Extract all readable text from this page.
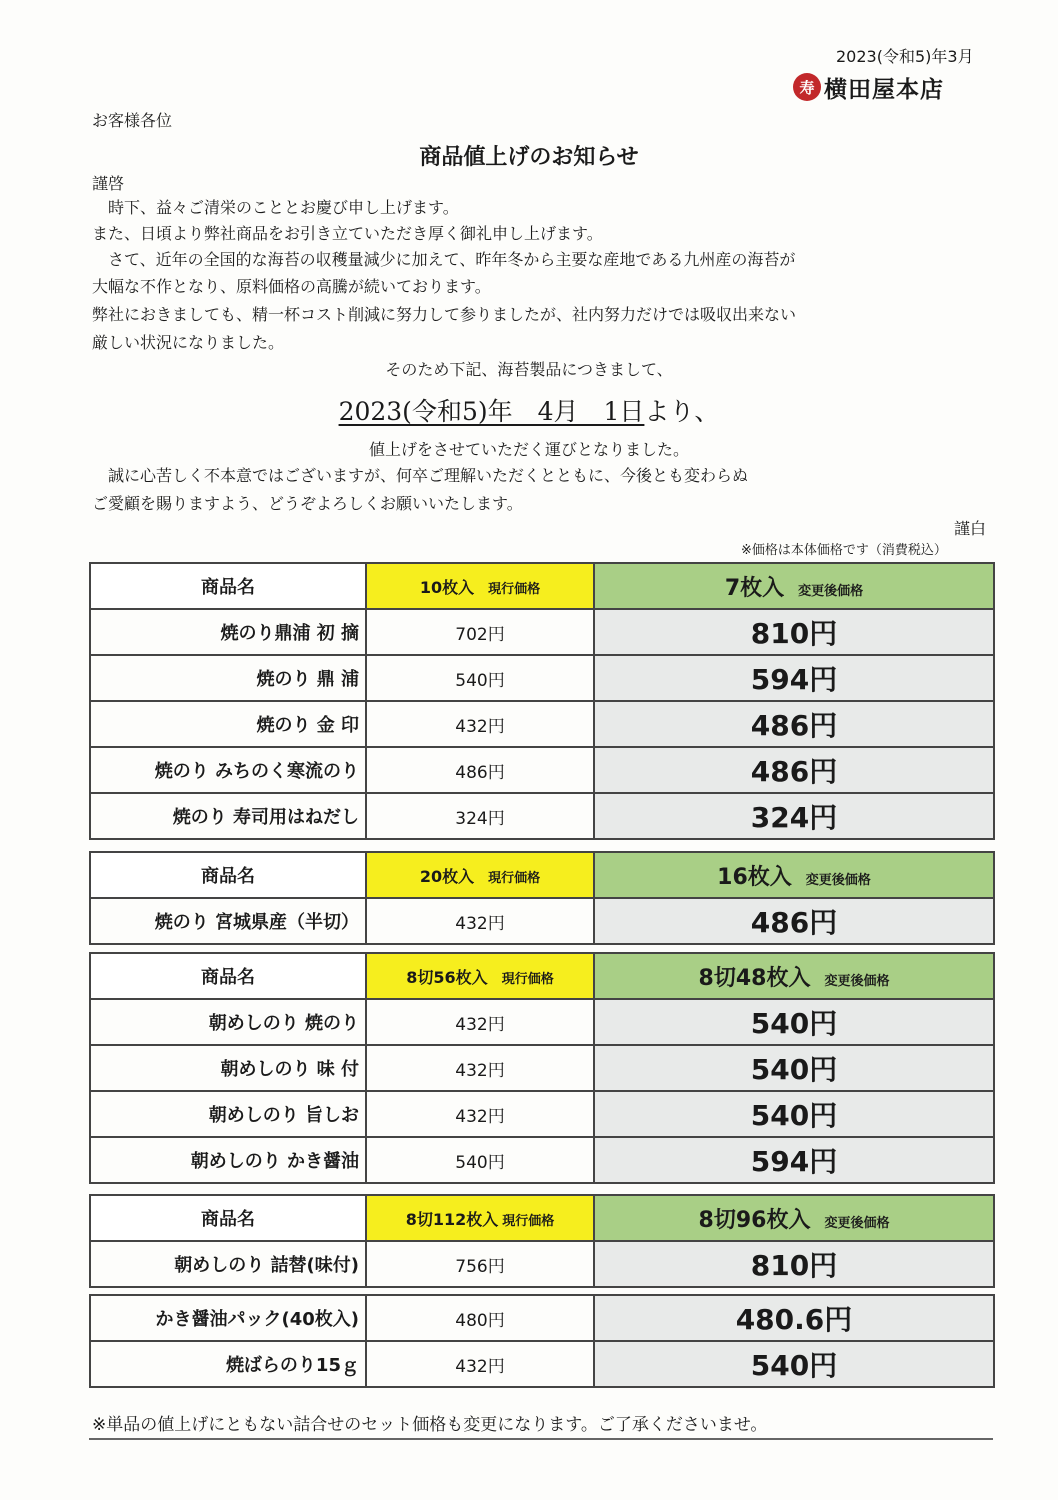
2023(令和5)年3月
寿 横田屋本店
お客様各位
商品値上げのお知らせ
謹啓
　時下、益々ご清栄のこととお慶び申し上げます。
また、日頃より弊社商品をお引き立ていただき厚く御礼申し上げます。
　さて、近年の全国的な海苔の収穫量減少に加えて、昨年冬から主要な産地である九州産の海苔が
大幅な不作となり、原料価格の高騰が続いております。
弊社におきましても、精一杯コスト削減に努力して参りましたが、社内努力だけでは吸収出来ない
厳しい状況になりました。
そのため下記、海苔製品につきまして、
2023(令和5)年　4月　1日より、
値上げをさせていただく運びとなりました。
　誠に心苦しく不本意ではございますが、何卒ご理解いただくとともに、今後とも変わらぬ
ご愛顧を賜りますよう、どうぞよろしくお願いいたします。
謹白
※価格は本体価格です（消費税込）
商品名	10枚入 現行価格	7枚入 変更後価格
焼のり鼎浦 初 摘	702円	810円
焼のり 鼎 浦	540円	594円
焼のり 金 印	432円	486円
焼のり みちのく寒流のり	486円	486円
焼のり 寿司用はねだし	324円	324円
商品名	20枚入 現行価格	16枚入 変更後価格
焼のり 宮城県産（半切）	432円	486円
商品名	8切56枚入 現行価格	8切48枚入 変更後価格
朝めしのり 焼のり	432円	540円
朝めしのり 味 付	432円	540円
朝めしのり 旨しお	432円	540円
朝めしのり かき醤油	540円	594円
商品名	8切112枚入 現行価格	8切96枚入 変更後価格
朝めしのり 詰替(味付)	756円	810円
かき醤油パック(40枚入)	480円	480.6円
焼ばらのり15ｇ	432円	540円
※単品の値上げにともない詰合せのセット価格も変更になります。ご了承くださいませ。
